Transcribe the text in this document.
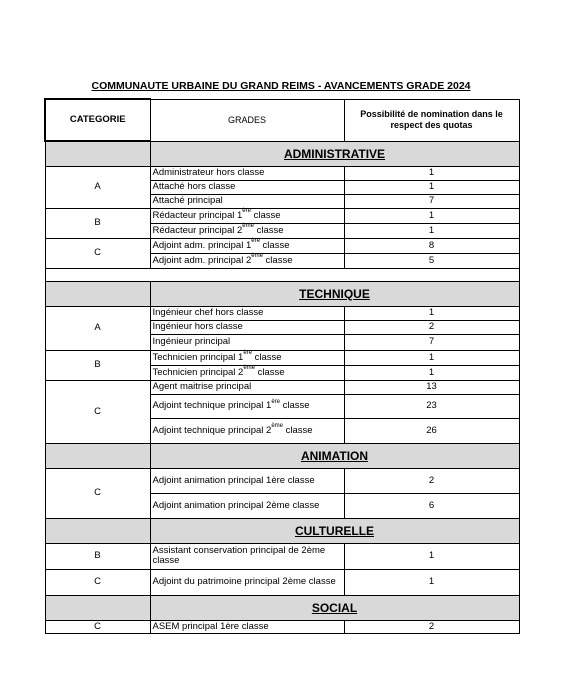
COMMUNAUTE URBAINE DU GRAND REIMS - AVANCEMENTS GRADE 2024
CATEGORIE	GRADES	Possibilité de nomination dans le respect des quotas
	ADMINISTRATIVE	
A	Administrateur hors classe	1
	Attaché hors classe	1
	Attaché principal	7
B	Rédacteur principal 1ère classe	1
	Rédacteur principal 2ème classe	1
C	Adjoint adm. principal 1ère classe	8
	Adjoint adm. principal 2ème classe	5

	TECHNIQUE	
A	Ingénieur chef hors classe	1
	Ingénieur hors classe	2
	Ingénieur principal	7
B	Technicien principal 1ère classe	1
	Technicien principal 2ème classe	1
C	Agent maitrise principal	13
	Adjoint technique principal 1ère classe	23
	Adjoint technique principal 2ème classe	26
	ANIMATION	
C	Adjoint animation principal 1ère classe	2
	Adjoint animation principal 2ème classe	6
	CULTURELLE	
B	Assistant conservation principal de 2ème classe	1
C	Adjoint du patrimoine principal 2ème classe	1
	SOCIAL	
C	ASEM principal 1ère classe	2
